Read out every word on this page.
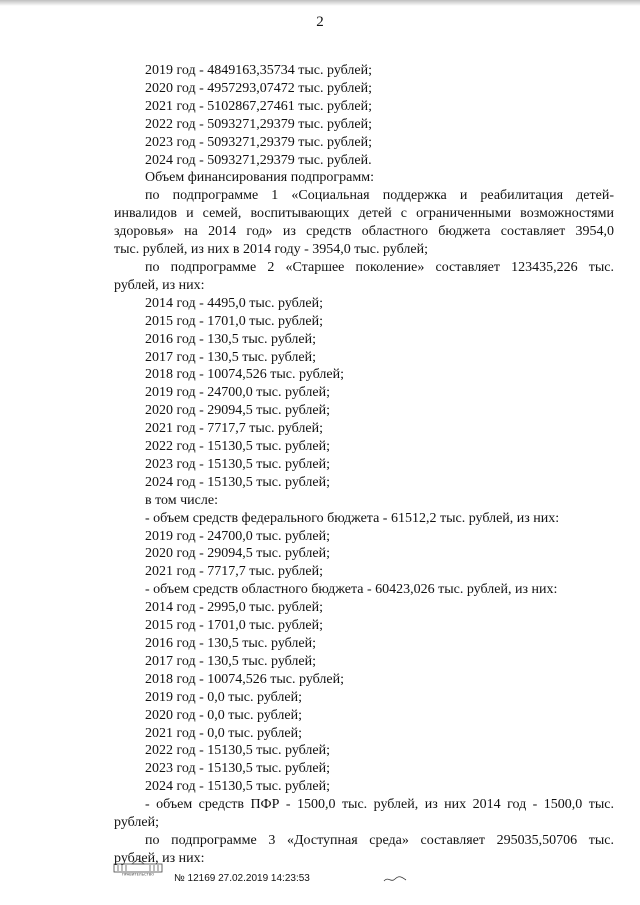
2
2019 год - 4849163,35734 тыс. рублей;
2020 год - 4957293,07472 тыс. рублей;
2021 год - 5102867,27461 тыс. рублей;
2022 год - 5093271,29379 тыс. рублей;
2023 год - 5093271,29379 тыс. рублей;
2024 год - 5093271,29379 тыс. рублей.
Объем финансирования подпрограмм:
по подпрограмме 1 «Социальная поддержка и реабилитация детей-
инвалидов и семей, воспитывающих детей с ограниченными возможностями
здоровья» на 2014 год» из средств областного бюджета составляет 3954,0
тыс. рублей, из них в 2014 году - 3954,0 тыс. рублей;
по подпрограмме 2 «Старшее поколение» составляет 123435,226 тыс.
рублей, из них:
2014 год - 4495,0 тыс. рублей;
2015 год - 1701,0 тыс. рублей;
2016 год - 130,5 тыс. рублей;
2017 год - 130,5 тыс. рублей;
2018 год - 10074,526 тыс. рублей;
2019 год - 24700,0 тыс. рублей;
2020 год - 29094,5 тыс. рублей;
2021 год - 7717,7 тыс. рублей;
2022 год - 15130,5 тыс. рублей;
2023 год - 15130,5 тыс. рублей;
2024 год - 15130,5 тыс. рублей;
в том числе:
- объем средств федерального бюджета - 61512,2 тыс. рублей, из них:
2019 год - 24700,0 тыс. рублей;
2020 год - 29094,5 тыс. рублей;
2021 год - 7717,7 тыс. рублей;
- объем средств областного бюджета - 60423,026 тыс. рублей, из них:
2014 год - 2995,0 тыс. рублей;
2015 год - 1701,0 тыс. рублей;
2016 год - 130,5 тыс. рублей;
2017 год - 130,5 тыс. рублей;
2018 год - 10074,526 тыс. рублей;
2019 год - 0,0 тыс. рублей;
2020 год - 0,0 тыс. рублей;
2021 год - 0,0 тыс. рублей;
2022 год - 15130,5 тыс. рублей;
2023 год - 15130,5 тыс. рублей;
2024 год - 15130,5 тыс. рублей;
- объем средств ПФР - 1500,0 тыс. рублей, из них 2014 год - 1500,0 тыс.
рублей;
по подпрограмме 3 «Доступная среда» составляет 295035,50706 тыс.
рублей, из них:
ПРАВИТЕЛЬСТВО № 12169 27.02.2019 14:23:53
